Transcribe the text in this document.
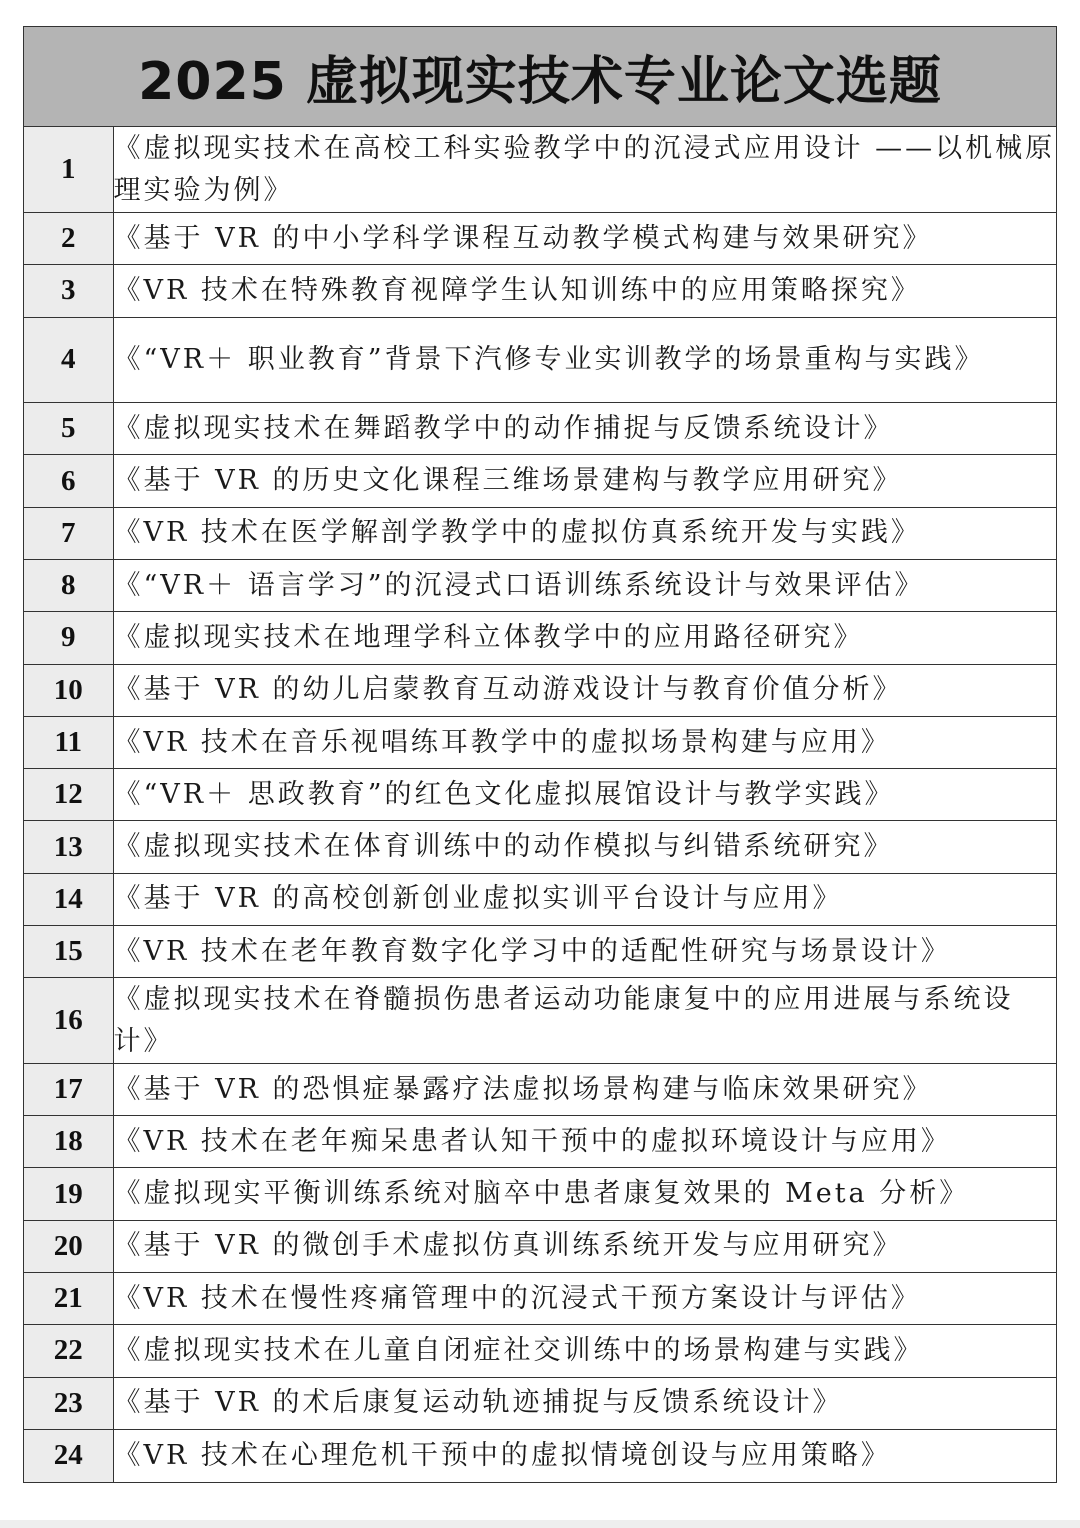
2025 虚拟现实技术专业论文选题
1	《虚拟现实技术在高校工科实验教学中的沉浸式应用设计 ——以机械原理实验为例》
2	《基于 VR 的中小学科学课程互动教学模式构建与效果研究》
3	《VR 技术在特殊教育视障学生认知训练中的应用策略探究》
4	《“VR＋ 职业教育”背景下汽修专业实训教学的场景重构与实践》
5	《虚拟现实技术在舞蹈教学中的动作捕捉与反馈系统设计》
6	《基于 VR 的历史文化课程三维场景建构与教学应用研究》
7	《VR 技术在医学解剖学教学中的虚拟仿真系统开发与实践》
8	《“VR＋ 语言学习”的沉浸式口语训练系统设计与效果评估》
9	《虚拟现实技术在地理学科立体教学中的应用路径研究》
10	《基于 VR 的幼儿启蒙教育互动游戏设计与教育价值分析》
11	《VR 技术在音乐视唱练耳教学中的虚拟场景构建与应用》
12	《“VR＋ 思政教育”的红色文化虚拟展馆设计与教学实践》
13	《虚拟现实技术在体育训练中的动作模拟与纠错系统研究》
14	《基于 VR 的高校创新创业虚拟实训平台设计与应用》
15	《VR 技术在老年教育数字化学习中的适配性研究与场景设计》
16	《虚拟现实技术在脊髓损伤患者运动功能康复中的应用进展与系统设计》
17	《基于 VR 的恐惧症暴露疗法虚拟场景构建与临床效果研究》
18	《VR 技术在老年痴呆患者认知干预中的虚拟环境设计与应用》
19	《虚拟现实平衡训练系统对脑卒中患者康复效果的 Meta 分析》
20	《基于 VR 的微创手术虚拟仿真训练系统开发与应用研究》
21	《VR 技术在慢性疼痛管理中的沉浸式干预方案设计与评估》
22	《虚拟现实技术在儿童自闭症社交训练中的场景构建与实践》
23	《基于 VR 的术后康复运动轨迹捕捉与反馈系统设计》
24	《VR 技术在心理危机干预中的虚拟情境创设与应用策略》
